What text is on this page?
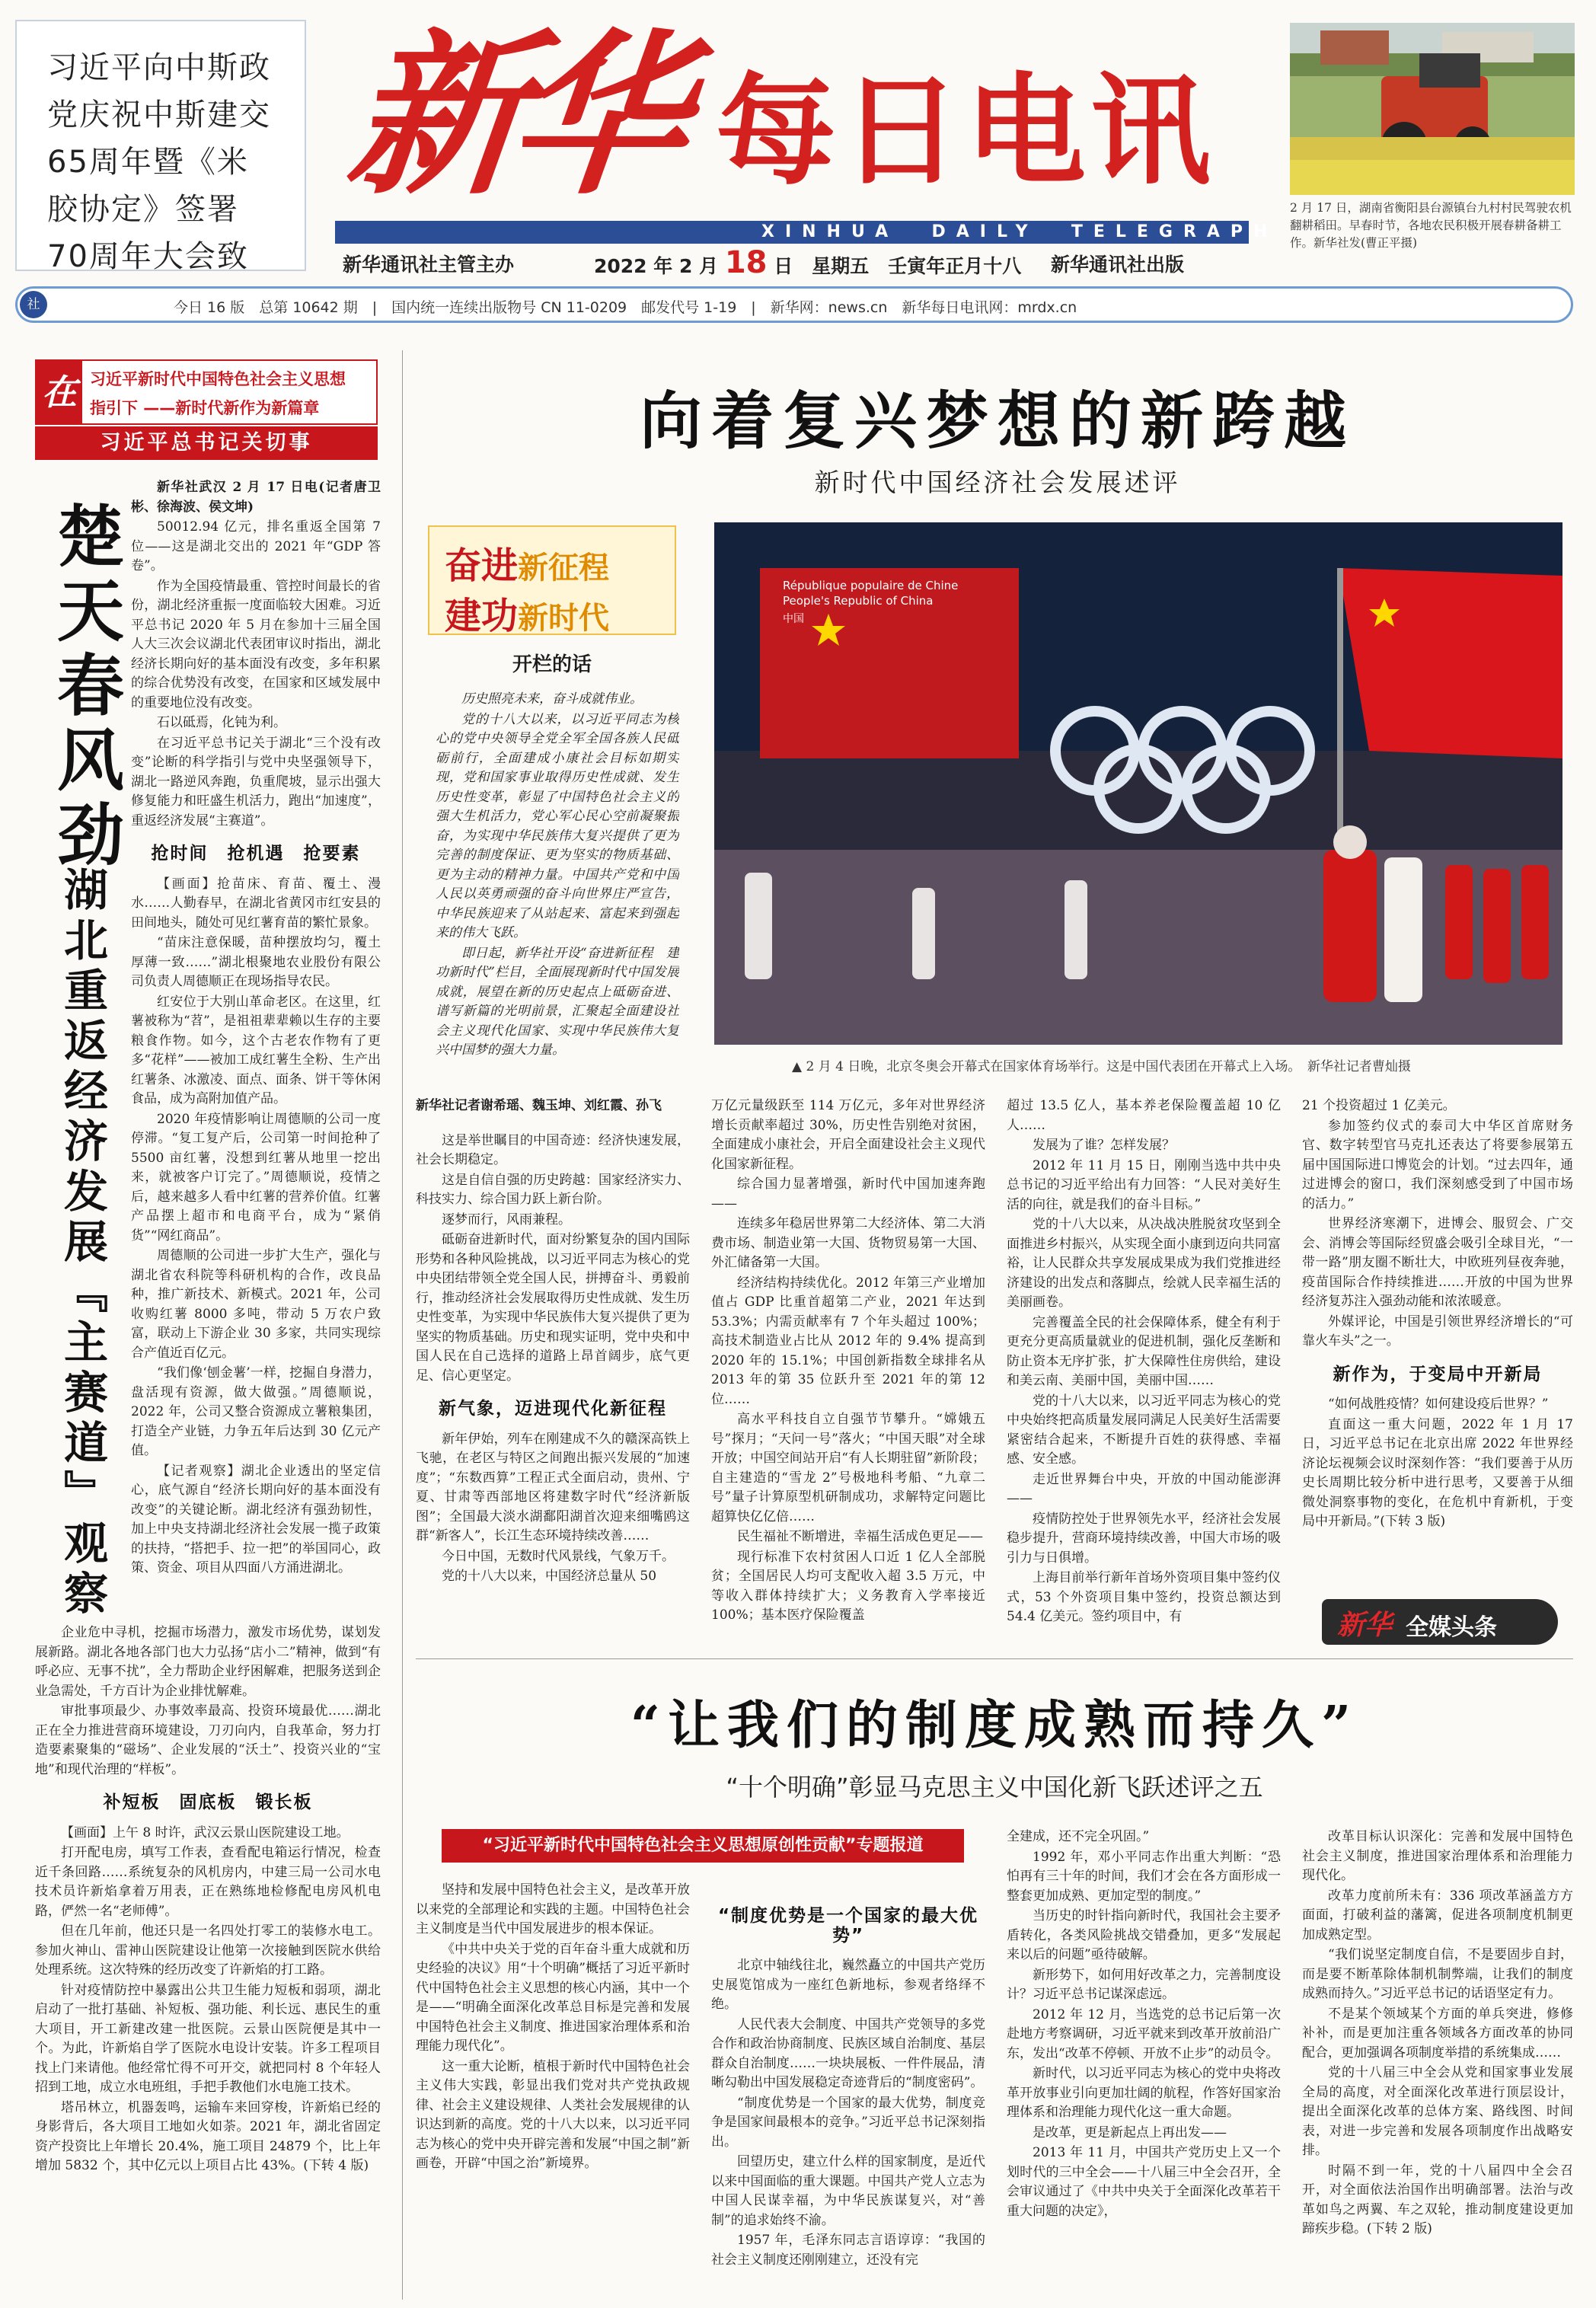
习近平向中斯政党庆祝中斯建交65周年暨《米胶协定》签署70周年大会致
新华 每日电讯
XINHUA  DAILY  TELEGRAPH
新华通讯社主管主办	2022 年 2 月 18 日　星期五　壬寅年正月十八 新华通讯社出版
2 月 17 日，湖南省衡阳县台源镇台九村村民驾驶农机翻耕稻田。早春时节，各地农民积极开展春耕备耕工作。新华社发(曹正平摄)
社	今日 16 版　总第 10642 期　|　国内统一连续出版物号 CN 11-0209　邮发代号 1-19　|　新华网：news.cn　新华每日电讯网：mrdx.cn
在 习近平新时代中国特色社会主义思想
指引下 ——新时代新作为新篇章
习近平总书记关切事
楚天春风劲
湖北重返经济发展『主赛道』观察

新华社武汉 2 月 17 日电(记者唐卫彬、徐海波、侯文坤)

50012.94 亿元，排名重返全国第 7 位——这是湖北交出的 2021 年“GDP 答卷”。

作为全国疫情最重、管控时间最长的省份，湖北经济重振一度面临较大困难。习近平总书记 2020 年 5 月在参加十三届全国人大三次会议湖北代表团审议时指出，湖北经济长期向好的基本面没有改变，多年积累的综合优势没有改变，在国家和区域发展中的重要地位没有改变。

石以砥焉，化钝为利。

在习近平总书记关于湖北“三个没有改变”论断的科学指引与党中央坚强领导下，湖北一路逆风奔跑，负重爬坡，显示出强大修复能力和旺盛生机活力，跑出“加速度”，重返经济发展“主赛道”。

抢时间　抢机遇　抢要素

【画面】抢苗床、育苗、覆土、漫水……人勤春早，在湖北省黄冈市红安县的田间地头，随处可见红薯育苗的繁忙景象。

“苗床注意保暖，苗种摆放均匀，覆土厚薄一致……”湖北根聚地农业股份有限公司负责人周德顺正在现场指导农民。

红安位于大别山革命老区。在这里，红薯被称为“苕”，是祖祖辈辈赖以生存的主要粮食作物。如今，这个古老农作物有了更多“花样”——被加工成红薯生全粉、生产出红薯条、冰激凌、面点、面条、饼干等休闲食品，成为高附加值产品。

2020 年疫情影响让周德顺的公司一度停滞。“复工复产后，公司第一时间抢种了 5500 亩红薯，没想到红薯从地里一挖出来，就被客户订完了。”周德顺说，疫情之后，越来越多人看中红薯的营养价值。红薯产品摆上超市和电商平台，成为“紧俏货”“网红商品”。

周德顺的公司进一步扩大生产，强化与湖北省农科院等科研机构的合作，改良品种，推广新技术、新模式。2021 年，公司收购红薯 8000 多吨，带动 5 万农户致富，联动上下游企业 30 多家，共同实现综合产值近百亿元。

“我们像‘刨金薯’一样，挖掘自身潜力，盘活现有资源，做大做强。”周德顺说，2022 年，公司又整合资源成立薯粮集团，打造全产业链，力争五年后达到 30 亿元产值。

【记者观察】湖北企业透出的坚定信心，底气源自“经济长期向好的基本面没有改变”的关键论断。湖北经济有强劲韧性，加上中央支持湖北经济社会发展一揽子政策的扶持，“搭把手、拉一把”的举国同心，政策、资金、项目从四面八方涌进湖北。

企业危中寻机，挖掘市场潜力，激发市场优势，谋划发展新路。湖北各地各部门也大力弘扬“店小二”精神，做到“有呼必应、无事不扰”，全力帮助企业纾困解难，把服务送到企业急需处，千方百计为企业排忧解难。

审批事项最少、办事效率最高、投资环境最优……湖北正在全力推进营商环境建设，刀刃向内，自我革命，努力打造要素聚集的“磁场”、企业发展的“沃土”、投资兴业的“宝地”和现代治理的“样板”。

补短板　固底板　锻长板

【画面】上午 8 时许，武汉云景山医院建设工地。

打开配电房，填写工作表，查看配电箱运行情况，检查近千条回路……系统复杂的风机房内，中建三局一公司水电技术员许新焰拿着万用表，正在熟练地检修配电房风机电路，俨然一名“老师傅”。

但在几年前，他还只是一名四处打零工的装修水电工。参加火神山、雷神山医院建设让他第一次接触到医院水供给处理系统。这次特殊的经历改变了许新焰的打工路。

针对疫情防控中暴露出公共卫生能力短板和弱项，湖北启动了一批打基础、补短板、强功能、利长远、惠民生的重大项目，开工新建改建一批医院。云景山医院便是其中一个。为此，许新焰自学了医院水电设计安装。许多工程项目找上门来请他。他经常忙得不可开交，就把同村 8 个年轻人招到工地，成立水电班组，手把手教他们水电施工技术。

塔吊林立，机器轰鸣，运输车来回穿梭，许新焰已经的身影背后，各大项目工地如火如荼。2021 年，湖北省固定资产投资比上年增长 20.4%，施工项目 24879 个，比上年增加 5832 个，其中亿元以上项目占比 43%。(下转 4 版)

向着复兴梦想的新跨越
新时代中国经济社会发展述评
奋进新征程
建功新时代
开栏的话

历史照亮未来，奋斗成就伟业。

党的十八大以来，以习近平同志为核心的党中央领导全党全军全国各族人民砥砺前行，全面建成小康社会目标如期实现，党和国家事业取得历史性成就、发生历史性变革，彰显了中国特色社会主义的强大生机活力，党心军心民心空前凝聚振奋，为实现中华民族伟大复兴提供了更为完善的制度保证、更为坚实的物质基础、更为主动的精神力量。中国共产党和中国人民以英勇顽强的奋斗向世界庄严宣告，中华民族迎来了从站起来、富起来到强起来的伟大飞跃。

即日起，新华社开设“奋进新征程　建功新时代”栏目，全面展现新时代中国发展成就，展望在新的历史起点上砥砺奋进、谱写新篇的光明前景，汇聚起全面建设社会主义现代化国家、实现中华民族伟大复兴中国梦的强大力量。

République populaire de Chine
People's Republic of China
中国
▲ 2 月 4 日晚，北京冬奥会开幕式在国家体育场举行。这是中国代表团在开幕式上入场。　新华社记者曹灿摄

新华社记者谢希瑶、魏玉坤、刘红霞、孙飞

这是举世瞩目的中国奇迹：经济快速发展，社会长期稳定。

这是自信自强的历史跨越：国家经济实力、科技实力、综合国力跃上新台阶。

逐梦而行，风雨兼程。

砥砺奋进新时代，面对纷繁复杂的国内国际形势和各种风险挑战，以习近平同志为核心的党中央团结带领全党全国人民，拼搏奋斗、勇毅前行，推动经济社会发展取得历史性成就、发生历史性变革，为实现中华民族伟大复兴提供了更为坚实的物质基础。历史和现实证明，党中央和中国人民在自己选择的道路上昂首阔步，底气更足、信心更坚定。

新气象，迈进现代化新征程

新年伊始，列车在刚建成不久的赣深高铁上飞驰，在老区与特区之间跑出振兴发展的“加速度”；“东数西算”工程正式全面启动，贵州、宁夏、甘肃等西部地区将建数字时代“经济新版图”；全国最大淡水湖鄱阳湖首次迎来细嘴鸥这群“新客人”，长江生态环境持续改善……

今日中国，无数时代风景线，气象万千。

党的十八大以来，中国经济总量从 50

万亿元量级跃至 114 万亿元，多年对世界经济增长贡献率超过 30%，历史性告别绝对贫困，全面建成小康社会，开启全面建设社会主义现代化国家新征程。

综合国力显著增强，新时代中国加速奔跑——

连续多年稳居世界第二大经济体、第二大消费市场、制造业第一大国、货物贸易第一大国、外汇储备第一大国。

经济结构持续优化。2012 年第三产业增加值占 GDP 比重首超第二产业，2021 年达到 53.3%；内需贡献率有 7 个年头超过 100%；高技术制造业占比从 2012 年的 9.4% 提高到 2020 年的 15.1%；中国创新指数全球排名从 2013 年的第 35 位跃升至 2021 年的第 12 位……

高水平科技自立自强节节攀升。“嫦娥五号”探月；“天问一号”落火；“中国天眼”对全球开放；中国空间站开启“有人长期驻留”新阶段；自主建造的“雪龙 2”号极地科考船、“九章二号”量子计算原型机研制成功，求解特定问题比超算快亿亿倍……

民生福祉不断增进，幸福生活成色更足——

现行标准下农村贫困人口近 1 亿人全部脱贫；全国居民人均可支配收入超 3.5 万元，中等收入群体持续扩大；义务教育入学率接近 100%；基本医疗保险覆盖

超过 13.5 亿人，基本养老保险覆盖超 10 亿人……

发展为了谁？怎样发展？

2012 年 11 月 15 日，刚刚当选中共中央总书记的习近平给出有力回答：“人民对美好生活的向往，就是我们的奋斗目标。”

党的十八大以来，从决战决胜脱贫攻坚到全面推进乡村振兴，从实现全面小康到迈向共同富裕，让人民群众共享发展成果成为我们党推进经济建设的出发点和落脚点，绘就人民幸福生活的美丽画卷。

完善覆盖全民的社会保障体系，健全有利于更充分更高质量就业的促进机制，强化反垄断和防止资本无序扩张，扩大保障性住房供给，建设和美云南、美丽中国，美丽中国……

党的十八大以来，以习近平同志为核心的党中央始终把高质量发展同满足人民美好生活需要紧密结合起来，不断提升百姓的获得感、幸福感、安全感。

走近世界舞台中央，开放的中国动能澎湃——

疫情防控处于世界领先水平，经济社会发展稳步提升，营商环境持续改善，中国大市场的吸引力与日俱增。

上海目前举行新年首场外资项目集中签约仪式，53 个外资项目集中签约，投资总额达到 54.4 亿美元。签约项目中，有

21 个投资超过 1 亿美元。

参加签约仪式的泰司大中华区首席财务官、数字转型官马克扎还表达了将要参展第五届中国国际进口博览会的计划。“过去四年，通过进博会的窗口，我们深刻感受到了中国市场的活力。”

世界经济寒潮下，进博会、服贸会、广交会、消博会等国际经贸盛会吸引全球目光，“一带一路”朋友圈不断壮大，中欧班列昼夜奔驰，疫苗国际合作持续推进……开放的中国为世界经济复苏注入强劲动能和浓浓暖意。

外媒评论，中国是引领世界经济增长的“可靠火车头”之一。

新作为，于变局中开新局

“如何战胜疫情？如何建设疫后世界？”

直面这一重大问题，2022 年 1 月 17 日，习近平总书记在北京出席 2022 年世界经济论坛视频会议时深刻作答：“我们要善于从历史长周期比较分析中进行思考，又要善于从细微处洞察事物的变化，在危机中育新机，于变局中开新局。”(下转 3 版)

新华 全媒头条
“让我们的制度成熟而持久”
“十个明确”彰显马克思主义中国化新飞跃述评之五
“习近平新时代中国特色社会主义思想原创性贡献”专题报道

坚持和发展中国特色社会主义，是改革开放以来党的全部理论和实践的主题。中国特色社会主义制度是当代中国发展进步的根本保证。

《中共中央关于党的百年奋斗重大成就和历史经验的决议》用“十个明确”概括了习近平新时代中国特色社会主义思想的核心内涵，其中一个是——“明确全面深化改革总目标是完善和发展中国特色社会主义制度、推进国家治理体系和治理能力现代化”。

这一重大论断，植根于新时代中国特色社会主义伟大实践，彰显出我们党对共产党执政规律、社会主义建设规律、人类社会发展规律的认识达到新的高度。党的十八大以来，以习近平同志为核心的党中央开辟完善和发展“中国之制”新画卷，开辟“中国之治”新境界。

“制度优势是一个国家的最大优势”

北京中轴线往北，巍然矗立的中国共产党历史展览馆成为一座红色新地标，参观者络绎不绝。

人民代表大会制度、中国共产党领导的多党合作和政治协商制度、民族区域自治制度、基层群众自治制度……一块块展板、一件件展品，清晰勾勒出中国发展稳定奇迹背后的“制度密码”。

“制度优势是一个国家的最大优势，制度竞争是国家间最根本的竞争。”习近平总书记深刻指出。

回望历史，建立什么样的国家制度，是近代以来中国面临的重大课题。中国共产党人立志为中国人民谋幸福，为中华民族谋复兴，对“善制”的追求始终不渝。

1957 年，毛泽东同志言语谆谆：“我国的社会主义制度还刚刚建立，还没有完

全建成，还不完全巩固。”

1992 年，邓小平同志作出重大判断：“恐怕再有三十年的时间，我们才会在各方面形成一整套更加成熟、更加定型的制度。”

当历史的时针指向新时代，我国社会主要矛盾转化，各类风险挑战交错叠加，更多“发展起来以后的问题”亟待破解。

新形势下，如何用好改革之力，完善制度设计？习近平总书记谋深虑远。

2012 年 12 月，当选党的总书记后第一次赴地方考察调研，习近平就来到改革开放前沿广东，发出“改革不停顿、开放不止步”的动员令。

新时代，以习近平同志为核心的党中央将改革开放事业引向更加壮阔的航程，作答好国家治理体系和治理能力现代化这一重大命题。

是改革，更是新起点上再出发——

2013 年 11 月，中国共产党历史上又一个划时代的三中全会——十八届三中全会召开，全会审议通过了《中共中央关于全面深化改革若干重大问题的决定》，

改革目标认识深化：完善和发展中国特色社会主义制度，推进国家治理体系和治理能力现代化。

改革力度前所未有：336 项改革涵盖方方面面，打破利益的藩篱，促进各项制度机制更加成熟定型。

“我们说坚定制度自信，不是要固步自封，而是要不断革除体制机制弊端，让我们的制度成熟而持久。”习近平总书记的话语坚定有力。

不是某个领域某个方面的单兵突进，修修补补，而是更加注重各领域各方面改革的协同配合，更加强调各项制度举措的系统集成……

党的十八届三中全会从党和国家事业发展全局的高度，对全面深化改革进行顶层设计，提出全面深化改革的总体方案、路线图、时间表，对进一步完善和发展各项制度作出战略安排。

时隔不到一年，党的十八届四中全会召开，对全面依法治国作出明确部署。法治与改革如鸟之两翼、车之双轮，推动制度建设更加蹄疾步稳。(下转 2 版)
